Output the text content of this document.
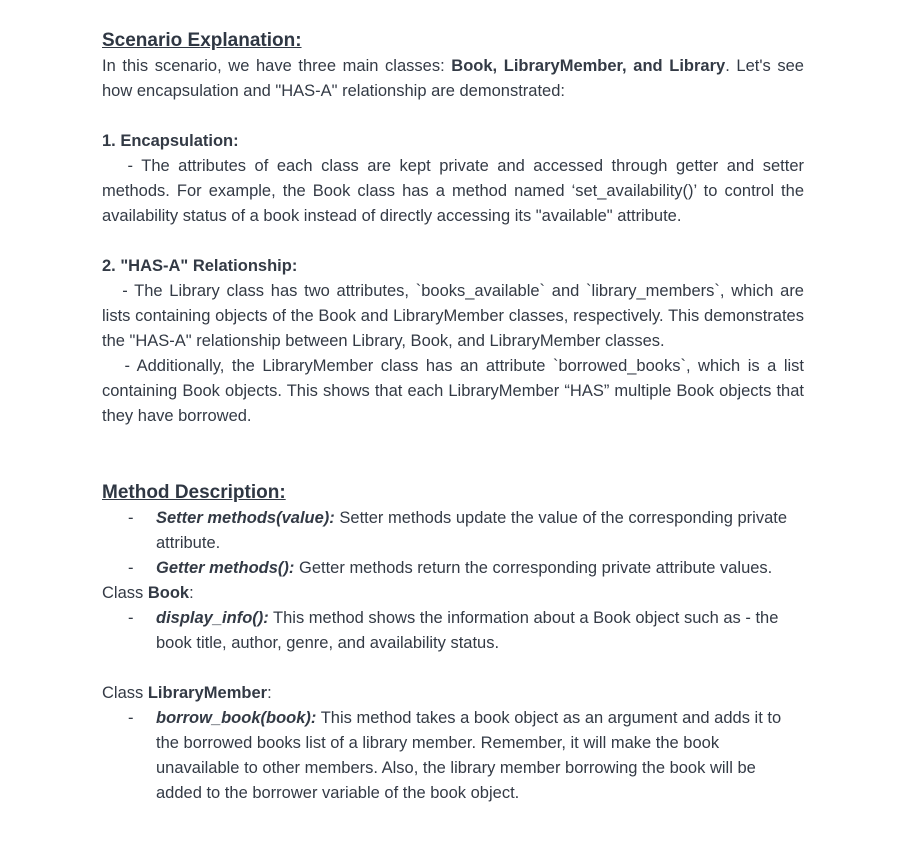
Scenario Explanation:

In this scenario, we have three main classes: Book, LibraryMember, and Library. Let's see how encapsulation and "HAS-A" relationship are demonstrated:

1. Encapsulation:

- The attributes of each class are kept private and accessed through getter and setter methods. For example, the Book class has a method named ‘set_availability()’ to control the availability status of a book instead of directly accessing its "available" attribute.

2. "HAS-A" Relationship:

- The Library class has two attributes, `books_available` and `library_members`, which are lists containing objects of the Book and LibraryMember classes, respectively. This demonstrates the "HAS-A" relationship between Library, Book, and LibraryMember classes.

- Additionally, the LibraryMember class has an attribute `borrowed_books`, which is a list containing Book objects. This shows that each LibraryMember “HAS” multiple Book objects that they have borrowed.

Method Description:
- Setter methods(value): Setter methods update the value of the corresponding private attribute.
- Getter methods(): Getter methods return the corresponding private attribute values.

Class Book:

- display_info(): This method shows the information about a Book object such as - the book title, author, genre, and availability status.

Class LibraryMember:

- borrow_book(book): This method takes a book object as an argument and adds it to the borrowed books list of a library member. Remember, it will make the book unavailable to other members. Also, the library member borrowing the book will be added to the borrower variable of the book object.
